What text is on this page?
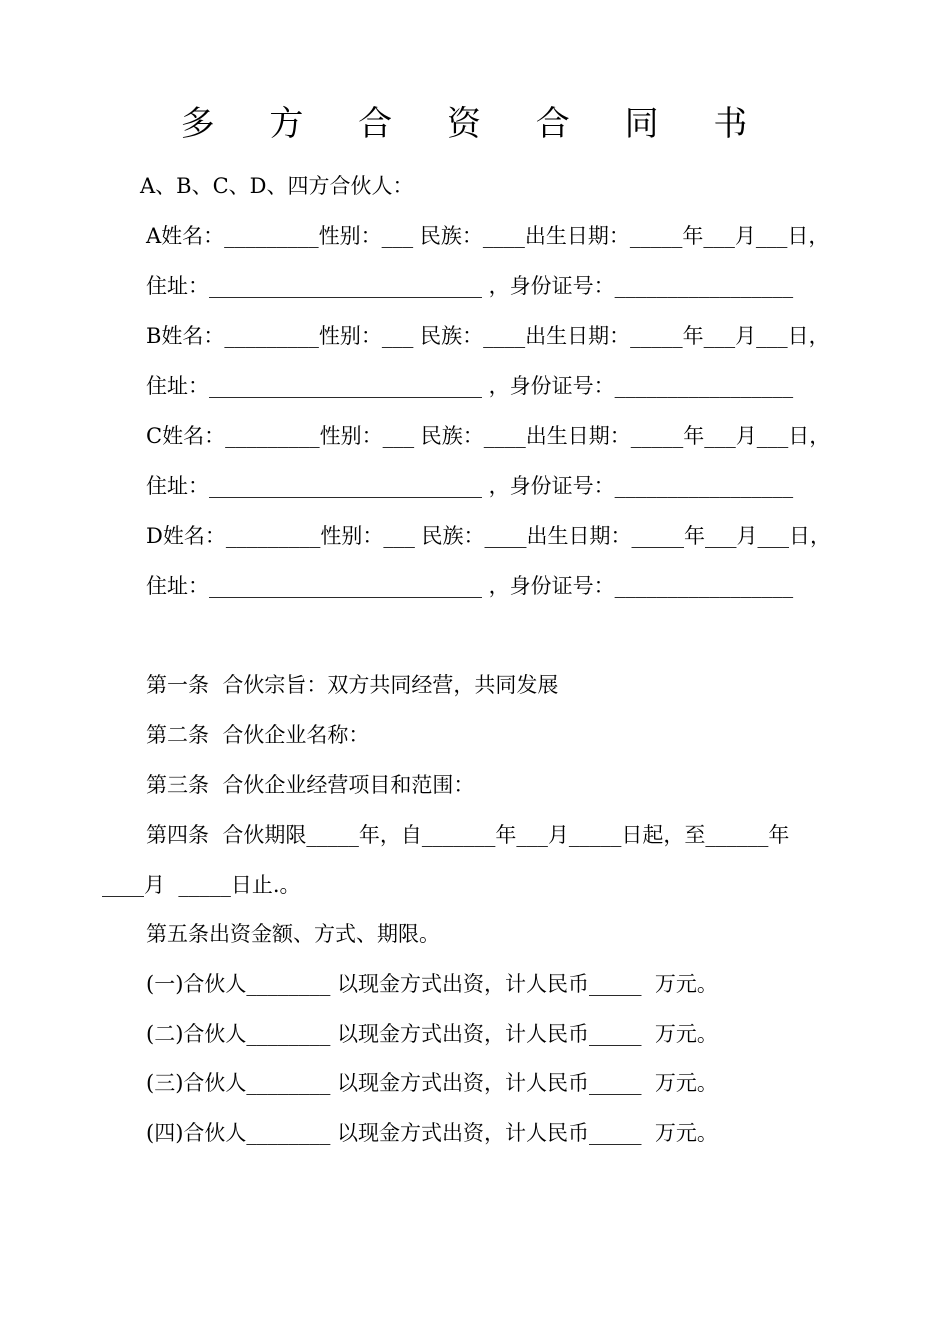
多 方 合 资 合 同 书
A、B、C、D、四方合伙人：
A姓名：_________性别：___ 民族：____出生日期：_____年___月___日，
住址：__________________________ ，身份证号：_________________
B姓名：_________性别：___ 民族：____出生日期：_____年___月___日，
住址：__________________________ ，身份证号：_________________
C姓名：_________性别：___ 民族：____出生日期：_____年___月___日，
住址：__________________________ ，身份证号：_________________
D姓名：_________性别：___ 民族：____出生日期：_____年___月___日，
住址：__________________________ ，身份证号：_________________
第一条  合伙宗旨：双方共同经营，共同发展
第二条  合伙企业名称：
第三条  合伙企业经营项目和范围：
第四条  合伙期限_____年，自_______年___月_____日起，至______年
____月  _____日止.。
第五条出资金额、方式、期限。
(一)合伙人________ 以现金方式出资，计人民币_____  万元。
(二)合伙人________ 以现金方式出资，计人民币_____  万元。
(三)合伙人________ 以现金方式出资，计人民币_____  万元。
(四)合伙人________ 以现金方式出资，计人民币_____  万元。
